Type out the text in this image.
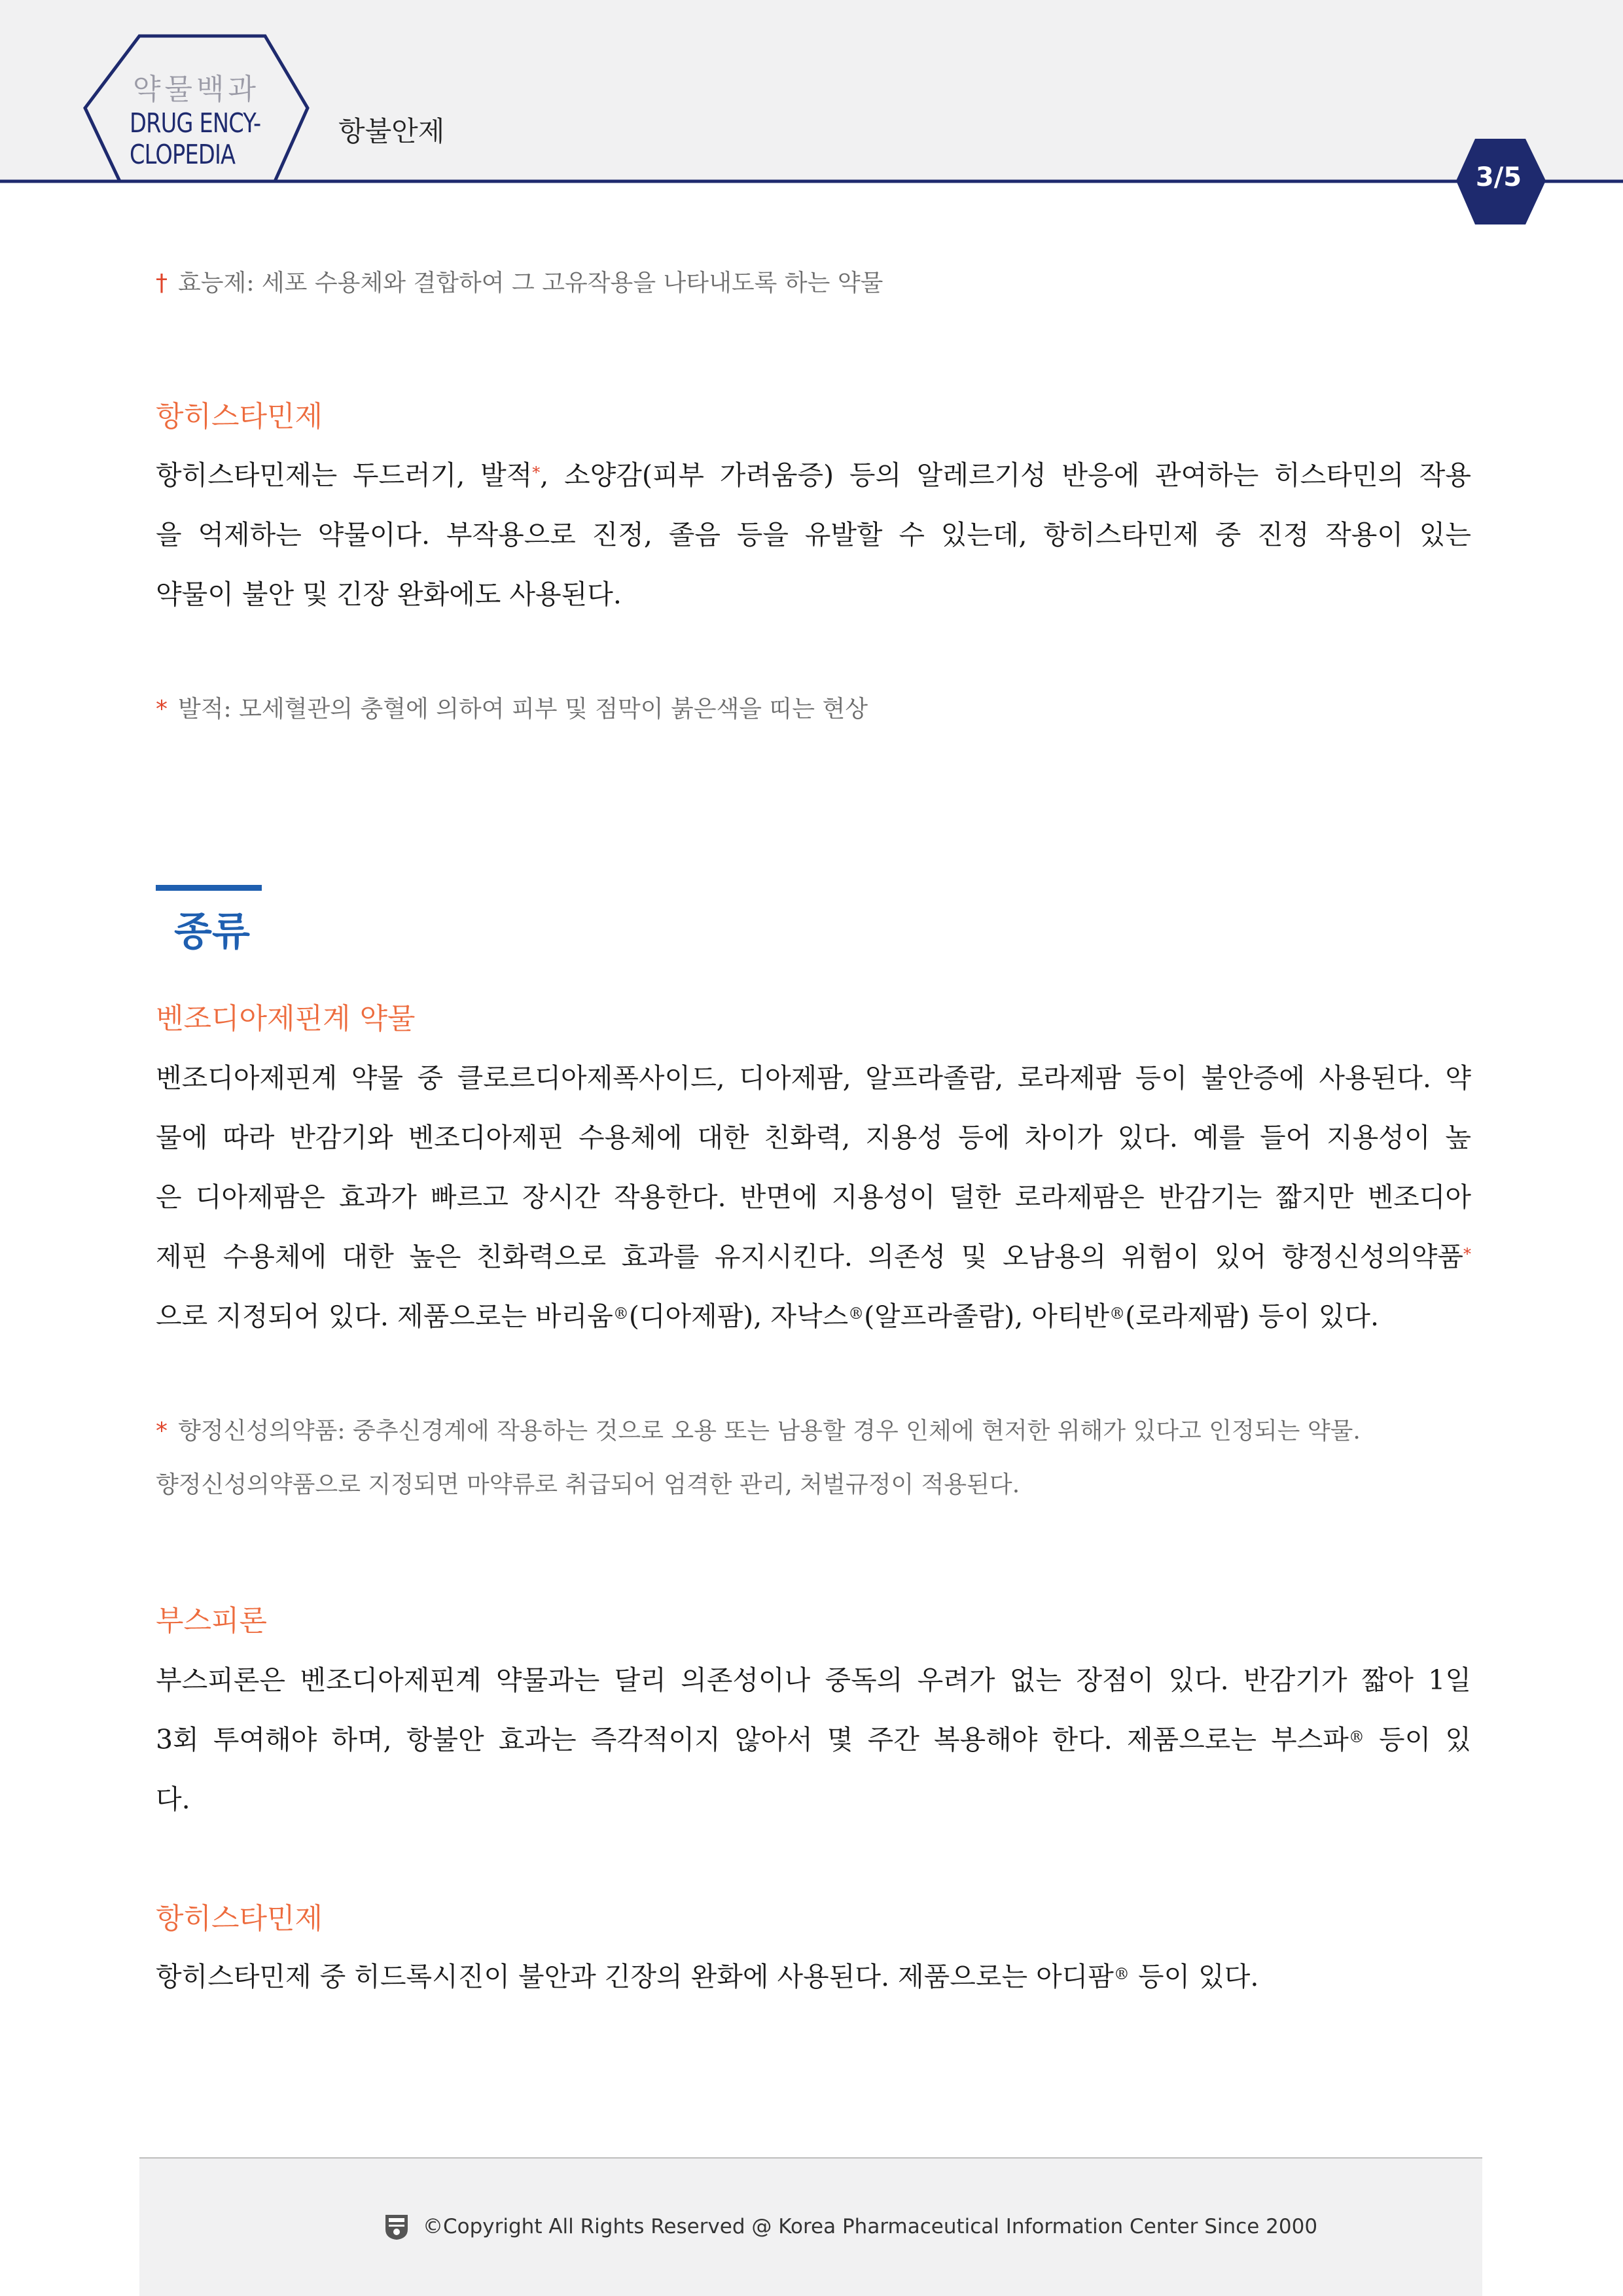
약물백과
DRUG ENCY-
CLOPEDIA
항불안제
3/5
† 효능제: 세포 수용체와 결합하여 그 고유작용을 나타내도록 하는 약물
항히스타민제
항히스타민제는 두드러기, 발적*, 소양감(피부 가려움증) 등의 알레르기성 반응에 관여하는 히스타민의 작용
을 억제하는 약물이다. 부작용으로 진정, 졸음 등을 유발할 수 있는데, 항히스타민제 중 진정 작용이 있는
약물이 불안 및 긴장 완화에도 사용된다.
* 발적: 모세혈관의 충혈에 의하여 피부 및 점막이 붉은색을 띠는 현상
종류
벤조디아제핀계 약물
벤조디아제핀계 약물 중 클로르디아제폭사이드, 디아제팜, 알프라졸람, 로라제팜 등이 불안증에 사용된다. 약
물에 따라 반감기와 벤조디아제핀 수용체에 대한 친화력, 지용성 등에 차이가 있다. 예를 들어 지용성이 높
은 디아제팜은 효과가 빠르고 장시간 작용한다. 반면에 지용성이 덜한 로라제팜은 반감기는 짧지만 벤조디아
제핀 수용체에 대한 높은 친화력으로 효과를 유지시킨다. 의존성 및 오남용의 위험이 있어 향정신성의약품*
으로 지정되어 있다. 제품으로는 바리움®(디아제팜), 자낙스®(알프라졸람), 아티반®(로라제팜) 등이 있다.
* 향정신성의약품: 중추신경계에 작용하는 것으로 오용 또는 남용할 경우 인체에 현저한 위해가 있다고 인정되는 약물.
향정신성의약품으로 지정되면 마약류로 취급되어 엄격한 관리, 처벌규정이 적용된다.
부스피론
부스피론은 벤조디아제핀계 약물과는 달리 의존성이나 중독의 우려가 없는 장점이 있다. 반감기가 짧아 1일
3회 투여해야 하며, 항불안 효과는 즉각적이지 않아서 몇 주간 복용해야 한다. 제품으로는 부스파® 등이 있
다.
항히스타민제
항히스타민제 중 히드록시진이 불안과 긴장의 완화에 사용된다. 제품으로는 아디팜® 등이 있다.
©Copyright All Rights Reserved @ Korea Pharmaceutical Information Center Since 2000
